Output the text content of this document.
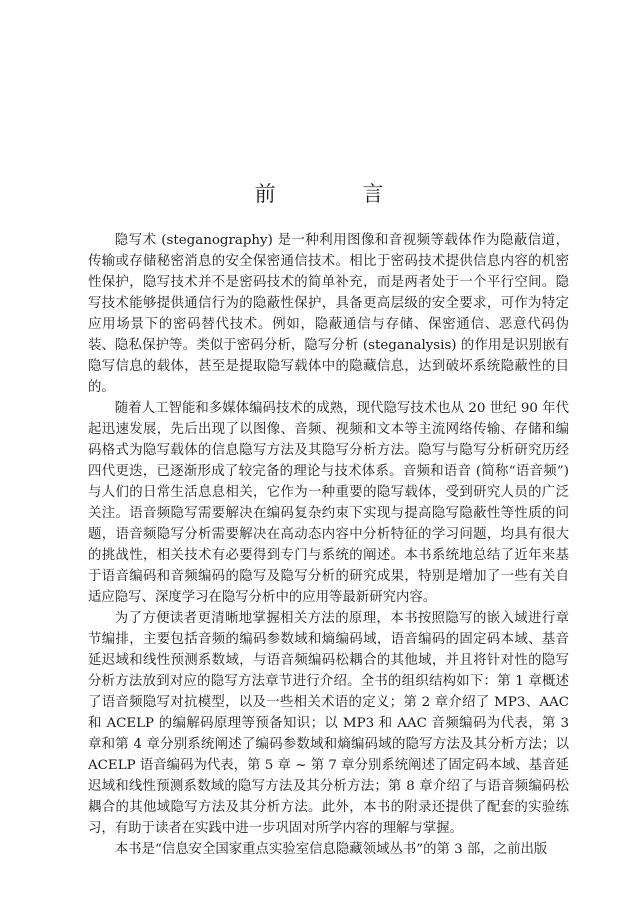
前 言

隐写术 (steganography) 是一种利用图像和音视频等载体作为隐蔽信道，传输或存储秘密消息的安全保密通信技术。相比于密码技术提供信息内容的机密性保护，隐写技术并不是密码技术的简单补充，而是两者处于一个平行空间。隐写技术能够提供通信行为的隐蔽性保护，具备更高层级的安全要求，可作为特定应用场景下的密码替代技术。例如，隐蔽通信与存储、保密通信、恶意代码伪装、隐私保护等。类似于密码分析，隐写分析 (steganalysis) 的作用是识别嵌有隐写信息的载体，甚至是提取隐写载体中的隐藏信息，达到破坏系统隐蔽性的目的。

随着人工智能和多媒体编码技术的成熟，现代隐写技术也从 20 世纪 90 年代起迅速发展，先后出现了以图像、音频、视频和文本等主流网络传输、存储和编码格式为隐写载体的信息隐写方法及其隐写分析方法。隐写与隐写分析研究历经四代更迭，已逐渐形成了较完备的理论与技术体系。音频和语音 (简称“语音频”) 与人们的日常生活息息相关，它作为一种重要的隐写载体，受到研究人员的广泛关注。语音频隐写需要解决在编码复杂约束下实现与提高隐写隐蔽性等性质的问题，语音频隐写分析需要解决在高动态内容中分析特征的学习问题，均具有很大的挑战性，相关技术有必要得到专门与系统的阐述。本书系统地总结了近年来基于语音编码和音频编码的隐写及隐写分析的研究成果，特别是增加了一些有关自适应隐写、深度学习在隐写分析中的应用等最新研究内容。

为了方便读者更清晰地掌握相关方法的原理，本书按照隐写的嵌入域进行章节编排，主要包括音频的编码参数域和熵编码域，语音编码的固定码本域、基音延迟域和线性预测系数域，与语音频编码松耦合的其他域，并且将针对性的隐写分析方法放到对应的隐写方法章节进行介绍。全书的组织结构如下：第 1 章概述了语音频隐写对抗模型，以及一些相关术语的定义；第 2 章介绍了 MP3、AAC 和 ACELP 的编解码原理等预备知识；以 MP3 和 AAC 音频编码为代表，第 3 章和第 4 章分别系统阐述了编码参数域和熵编码域的隐写方法及其分析方法；以 ACELP 语音编码为代表，第 5 章 ~ 第 7 章分别系统阐述了固定码本域、基音延迟域和线性预测系数域的隐写方法及其分析方法；第 8 章介绍了与语音频编码松耦合的其他域隐写方法及其分析方法。此外，本书的附录还提供了配套的实验练习，有助于读者在实践中进一步巩固对所学内容的理解与掌握。

本书是“信息安全国家重点实验室信息隐藏领域丛书”的第 3 部，之前出版
